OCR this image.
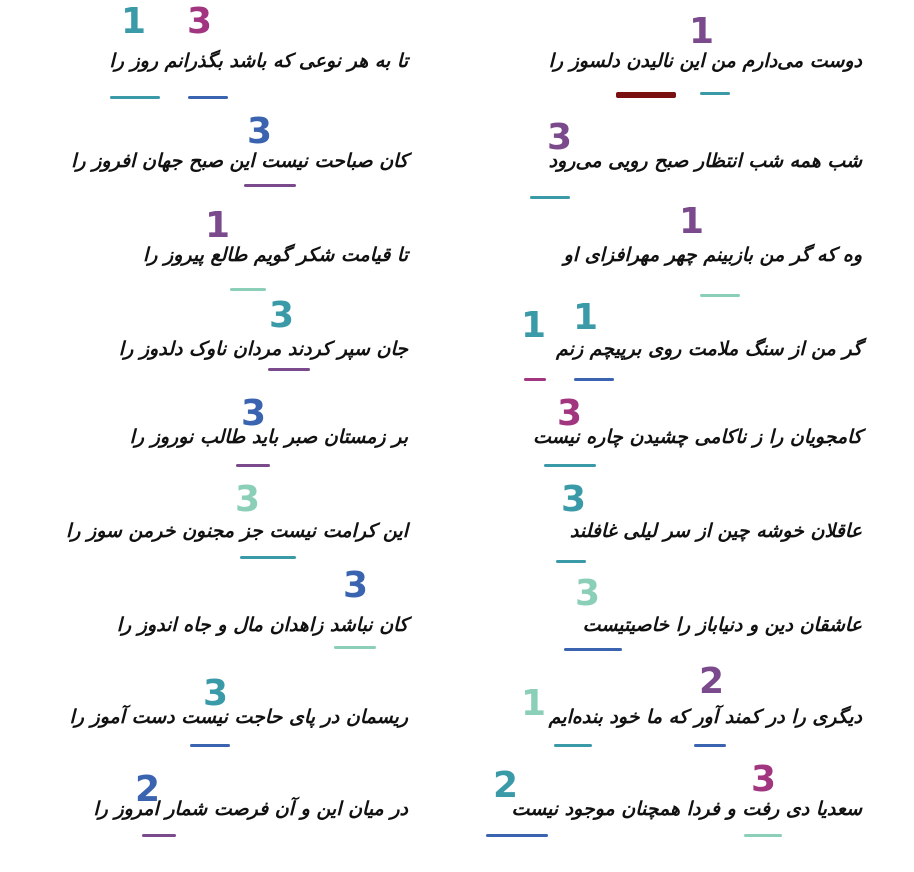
1
دوست می‌دارم من این نالیدن دلسوز را
1 3
تا به هر نوعی که باشد بگذرانم روز را
3
شب همه شب انتظار صبح رویی می‌رود
3
کان صباحت نیست این صبح جهان افروز را
1
وه که گر من بازبینم چهر مهرافزای او
1
تا قیامت شکر گویم طالع پیروز را
1 1
گر من از سنگ ملامت روی برپیچم زنم
3
جان سپر کردند مردان ناوک دلدوز را
3
کامجویان را ز ناکامی چشیدن چاره نیست
3
بر زمستان صبر باید طالب نوروز را
3
عاقلان خوشه چین از سر لیلی غافلند
3
این کرامت نیست جز مجنون خرمن سوز را
3
عاشقان دین و دنیاباز را خاصیتیست
3
کان نباشد زاهدان مال و جاه اندوز را
1
2
دیگری را در کمند آور که ما خود بنده‌ایم
3
ریسمان در پای حاجت نیست دست آموز را
2	3
سعدیا دی رفت و فردا همچنان موجود نیست
2
در میان این و آن فرصت شمار امروز را
